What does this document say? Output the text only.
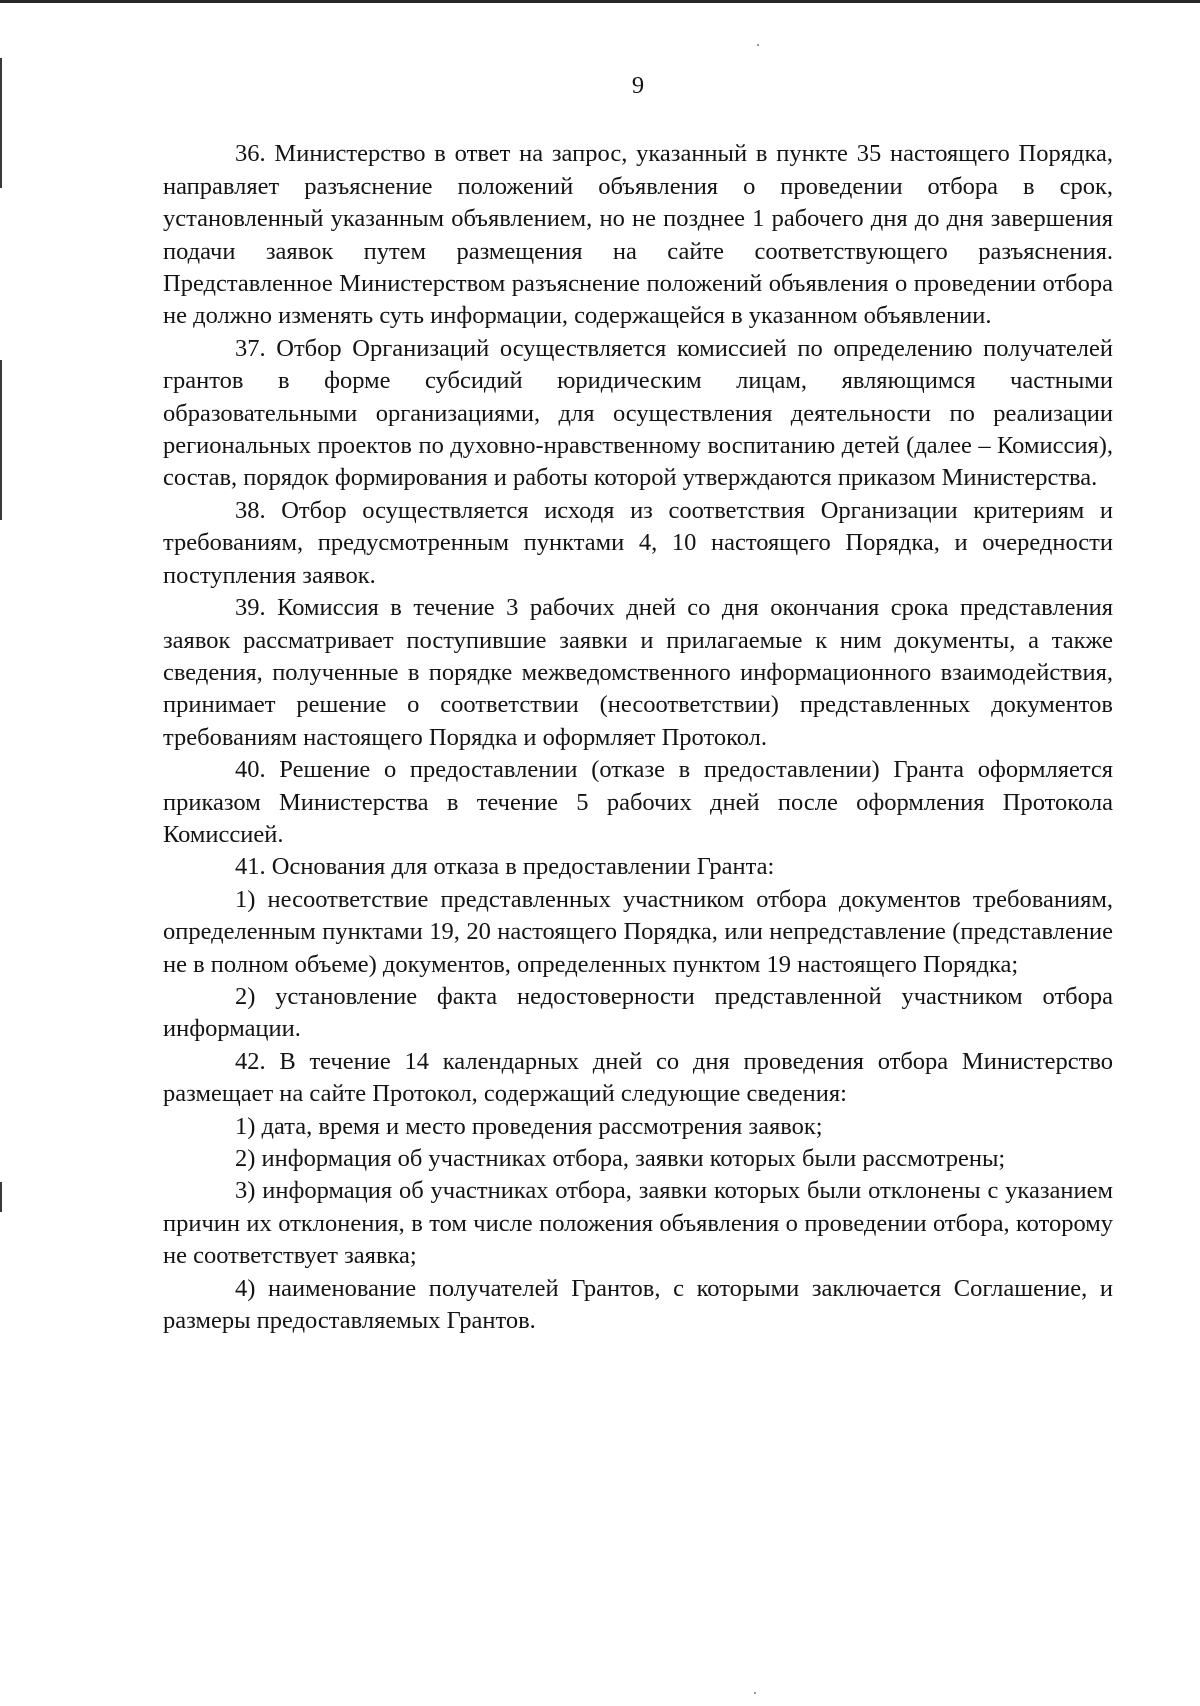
9

36. Министерство в ответ на запрос, указанный в пункте 35 настоящего Порядка, направляет разъяснение положений объявления о проведении отбора в срок, установленный указанным объявлением, но не позднее 1 рабочего дня до дня завершения подачи заявок путем размещения на сайте соответствующего разъяснения. Представленное Министерством разъяснение положений объявления о проведении отбора не должно изменять суть информации, содержащейся в указанном объявлении.

37. Отбор Организаций осуществляется комиссией по определению получателей грантов в форме субсидий юридическим лицам, являющимся частными образовательными организациями, для осуществления деятельности по реализации региональных проектов по духовно-нравственному воспитанию детей (далее – Комиссия), состав, порядок формирования и работы которой утверждаются приказом Министерства.

38. Отбор осуществляется исходя из соответствия Организации критериям и требованиям, предусмотренным пунктами 4, 10 настоящего Порядка, и очередности поступления заявок.

39. Комиссия в течение 3 рабочих дней со дня окончания срока представления заявок рассматривает поступившие заявки и прилагаемые к ним документы, а также сведения, полученные в порядке межведомственного информационного взаимодействия, принимает решение о соответствии (несоответствии) представленных документов требованиям настоящего Порядка и оформляет Протокол.

40. Решение о предоставлении (отказе в предоставлении) Гранта оформляется приказом Министерства в течение 5 рабочих дней после оформления Протокола Комиссией.

41. Основания для отказа в предоставлении Гранта:

1) несоответствие представленных участником отбора документов требованиям, определенным пунктами 19, 20 настоящего Порядка, или непредставление (представление не в полном объеме) документов, определенных пунктом 19 настоящего Порядка;

2) установление факта недостоверности представленной участником отбора информации.

42. В течение 14 календарных дней со дня проведения отбора Министерство размещает на сайте Протокол, содержащий следующие сведения:

1) дата, время и место проведения рассмотрения заявок;

2) информация об участниках отбора, заявки которых были рассмотрены;

3) информация об участниках отбора, заявки которых были отклонены с указанием причин их отклонения, в том числе положения объявления о проведении отбора, которому не соответствует заявка;

4) наименование получателей Грантов, с которыми заключается Соглашение, и размеры предоставляемых Грантов.
